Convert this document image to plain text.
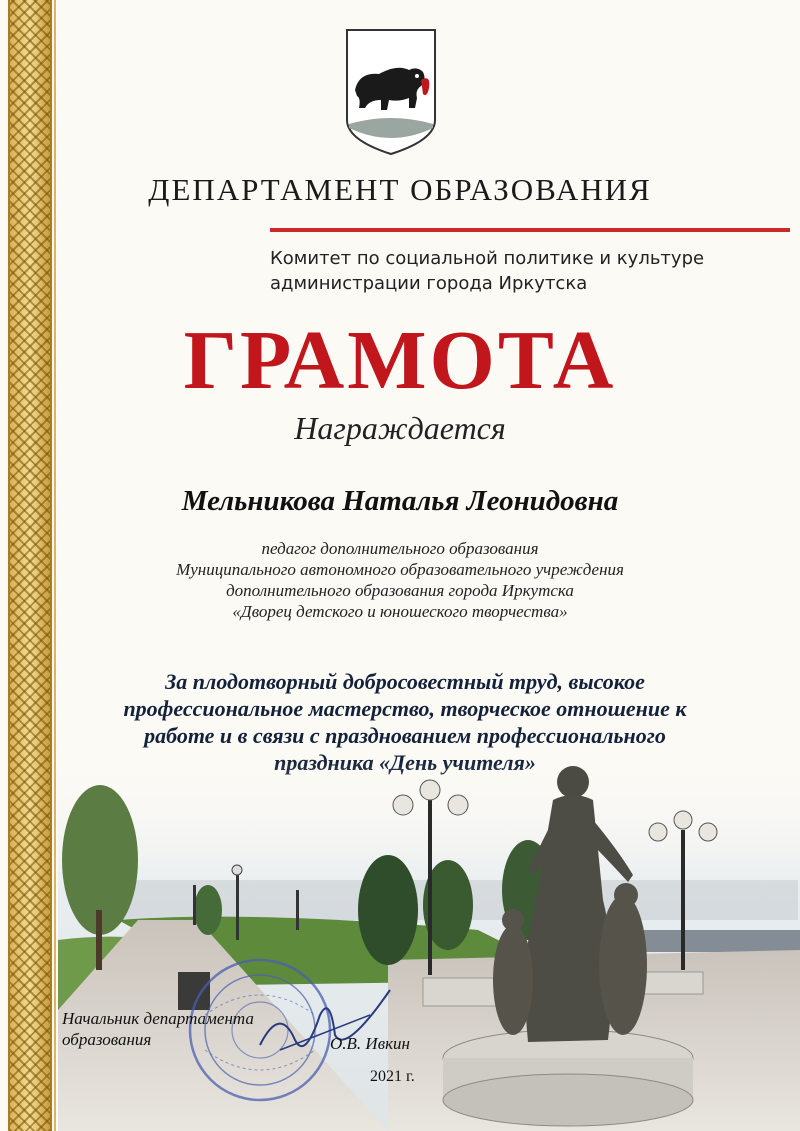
ДЕПАРТАМЕНТ ОБРАЗОВАНИЯ
Комитет по социальной политике и культуре
администрации города Иркутска
ГРАМОТА
Награждается
Мельникова Наталья Леонидовна
педагог дополнительного образования
Муниципального автономного образовательного учреждения
дополнительного образования города Иркутска
«Дворец детского и юношеского творчества»
За плодотворный добросовестный труд, высокое
профессиональное мастерство, творческое отношение к
работе и в связи с празднованием профессионального
Начальник департамента
образования	О.В. Ивкин
2021 г.
